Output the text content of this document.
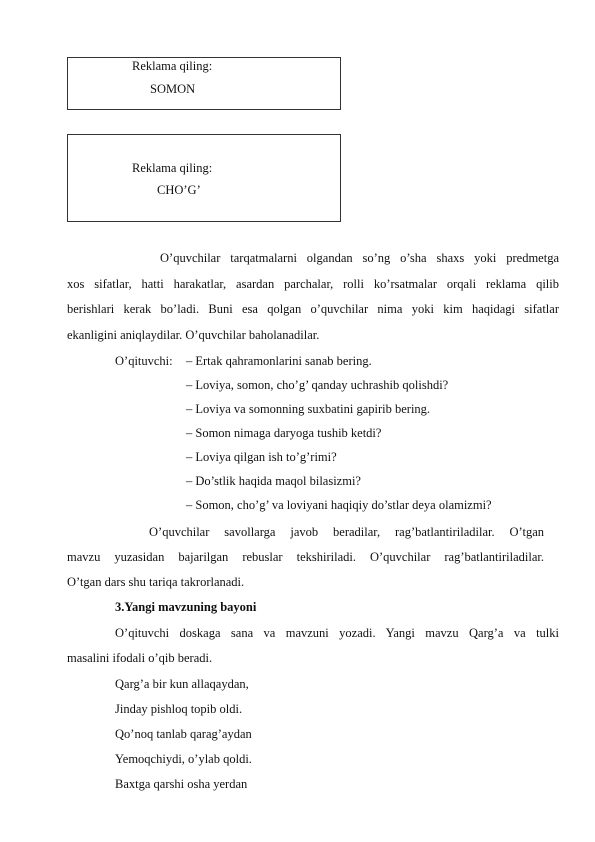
Reklama qiling:
SOMON
Reklama qiling:
CHO’G’
O’quvchilar tarqatmalarni olgandan so’ng o’sha shaxs yoki predmetga
xos sifatlar, hatti harakatlar, asardan parchalar, rolli ko’rsatmalar orqali reklama qilib
berishlari kerak bo’ladi. Buni esa qolgan o’quvchilar nima yoki kim haqidagi sifatlar
ekanligini aniqlaydilar. O’quvchilar baholanadilar.
O’qituvchi: – Ertak qahramonlarini sanab bering.
– Loviya, somon, cho’g’ qanday uchrashib qolishdi?
– Loviya va somonning suxbatini gapirib bering.
– Somon nimaga daryoga tushib ketdi?
– Loviya qilgan ish to’g’rimi?
– Do’stlik haqida maqol bilasizmi?
– Somon, cho’g’ va loviyani haqiqiy do’stlar deya olamizmi?
O’quvchilar savollarga javob beradilar, rag’batlantiriladilar. O’tgan
mavzu yuzasidan bajarilgan rebuslar tekshiriladi. O’quvchilar rag’batlantiriladilar.
O’tgan dars shu tariqa takrorlanadi.
3.Yangi mavzuning bayoni
O’qituvchi doskaga sana va mavzuni yozadi. Yangi mavzu Qarg’a va tulki
masalini ifodali o’qib beradi.
Qarg’a bir kun allaqaydan,
Jinday pishloq topib oldi.
Qo’noq tanlab qarag’aydan
Yemoqchiydi, o’ylab qoldi.
Baxtga qarshi osha yerdan
